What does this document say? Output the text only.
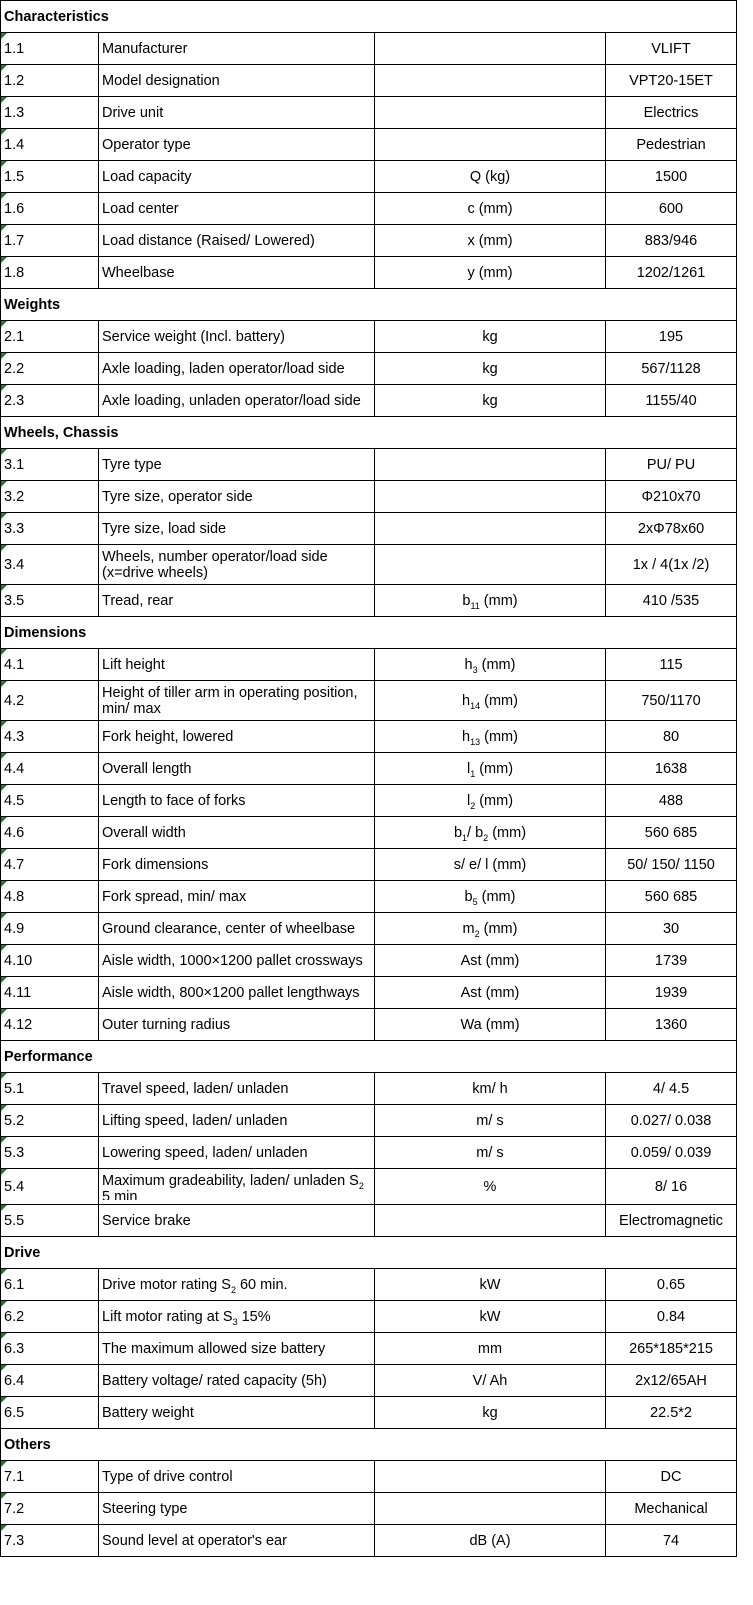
Characteristics			
1.1	Manufacturer		VLIFT
1.2	Model designation		VPT20-15ET
1.3	Drive unit		Electrics
1.4	Operator type		Pedestrian
1.5	Load capacity	Q (kg)	1500
1.6	Load center	c (mm)	600
1.7	Load distance (Raised/ Lowered)	x (mm)	883/946
1.8	Wheelbase	y (mm)	1202/1261
Weights			
2.1	Service weight (Incl. battery)	kg	195
2.2	Axle loading, laden operator/load side	kg	567/1128
2.3	Axle loading, unladen operator/load side	kg	1155/40
Wheels, Chassis			
3.1	Tyre type		PU/ PU
3.2	Tyre size, operator side		Φ210x70
3.3	Tyre size, load side		2xΦ78x60
3.4	Wheels, number operator/load side (x=drive wheels)		1x / 4(1x /2)
3.5	Tread, rear	$b_{11}$ (mm)	410 /535
Dimensions			
4.1	Lift height	$h_3$ (mm)	115
4.2	Height of tiller arm in operating position, min/ max	$h_{14}$ (mm)	750/1170
4.3	Fork height, lowered	$h_{13}$ (mm)	80
4.4	Overall length	$l_1$ (mm)	1638
4.5	Length to face of forks	$l_2$ (mm)	488
4.6	Overall width	$b_1/$ $b_2$ (mm)	560 685
4.7	Fork dimensions	s/ e/ l (mm)	50/ 150/ 1150
4.8	Fork spread, min/ max	$b_5$ (mm)	560 685
4.9	Ground clearance, center of wheelbase	$m_2$ (mm)	30
4.10	Aisle width, 1000×1200 pallet crossways	Ast (mm)	1739
4.11	Aisle width, 800×1200 pallet lengthways	Ast (mm)	1939
4.12	Outer turning radius	Wa (mm)	1360
Performance			
5.1	Travel speed, laden/ unladen	km/ h	4/ 4.5
5.2	Lifting speed, laden/ unladen	m/ s	0.027/ 0.038
5.3	Lowering speed, laden/ unladen	m/ s	0.059/ 0.039
5.4	Maximum gradeability, laden/ unladen $S_2$ 5 min	%	8/ 16
5.5	Service brake		Electromagnetic
Drive			
6.1	Drive motor rating $S_2$ 60 min.	kW	0.65
6.2	Lift motor rating at $S_3$ 15%	kW	0.84
6.3	The maximum allowed size battery	mm	265*185*215
6.4	Battery voltage/ rated capacity (5h)	V/ Ah	2x12/65AH
6.5	Battery weight	kg	22.5*2
Others			
7.1	Type of drive control		DC
7.2	Steering type		Mechanical
7.3	Sound level at operator's ear	dB (A)	74
